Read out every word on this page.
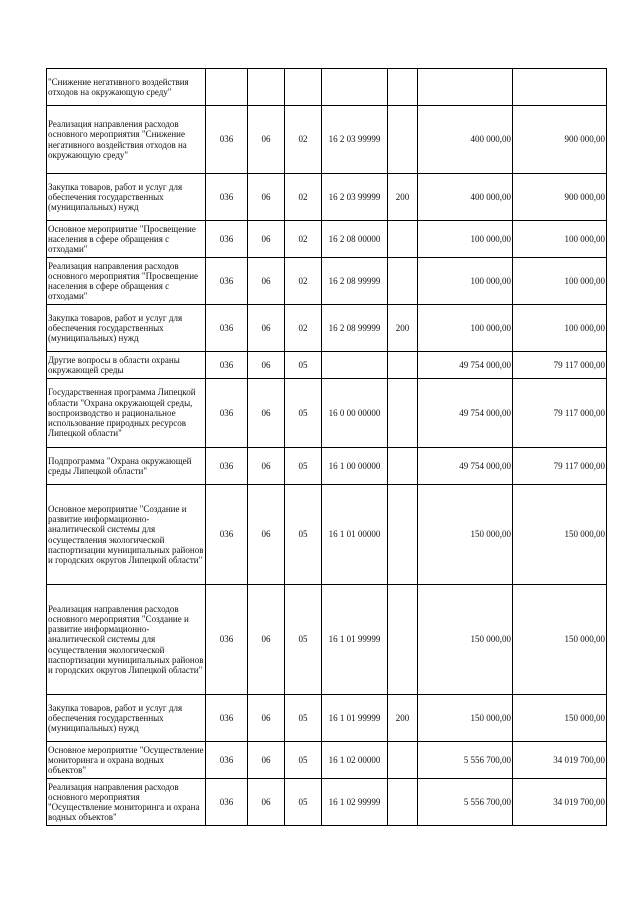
"Снижение негативного воздействия отходов на окружающую среду"							
Реализация направления расходов основного мероприятия "Снижение негативного воздействия отходов на окружающую среду"	036	06	02	16 2 03 99999		400 000,00	900 000,00
Закупка товаров, работ и услуг для обеспечения государственных (муниципальных) нужд	036	06	02	16 2 03 99999	200	400 000,00	900 000,00
Основное мероприятие "Просвещение населения в сфере обращения с отходами"	036	06	02	16 2 08 00000		100 000,00	100 000,00
Реализация направления расходов основного мероприятия "Просвещение населения в сфере обращения с отходами"	036	06	02	16 2 08 99999		100 000,00	100 000,00
Закупка товаров, работ и услуг для обеспечения государственных (муниципальных) нужд	036	06	02	16 2 08 99999	200	100 000,00	100 000,00
Другие вопросы в области охраны окружающей среды	036	06	05			49 754 000,00	79 117 000,00
Государственная программа Липецкой области "Охрана окружающей среды, воспроизводство и рациональное использование природных ресурсов Липецкой области"	036	06	05	16 0 00 00000		49 754 000,00	79 117 000,00
Подпрограмма "Охрана окружающей среды Липецкой области"	036	06	05	16 1 00 00000		49 754 000,00	79 117 000,00
Основное мероприятие "Создание и развитие информационно-аналитической системы для осуществления экологической паспортизации муниципальных районов и городских округов Липецкой области"	036	06	05	16 1 01 00000		150 000,00	150 000,00
Реализация направления расходов основного мероприятия "Создание и развитие информационно-аналитической системы для осуществления экологической паспортизации муниципальных районов и городских округов Липецкой области"	036	06	05	16 1 01 99999		150 000,00	150 000,00
Закупка товаров, работ и услуг для обеспечения государственных (муниципальных) нужд	036	06	05	16 1 01 99999	200	150 000,00	150 000,00
Основное мероприятие "Осуществление мониторинга и охрана водных объектов"	036	06	05	16 1 02 00000		5 556 700,00	34 019 700,00
Реализация направления расходов основного мероприятия "Осуществление мониторинга и охрана водных объектов"	036	06	05	16 1 02 99999		5 556 700,00	34 019 700,00
